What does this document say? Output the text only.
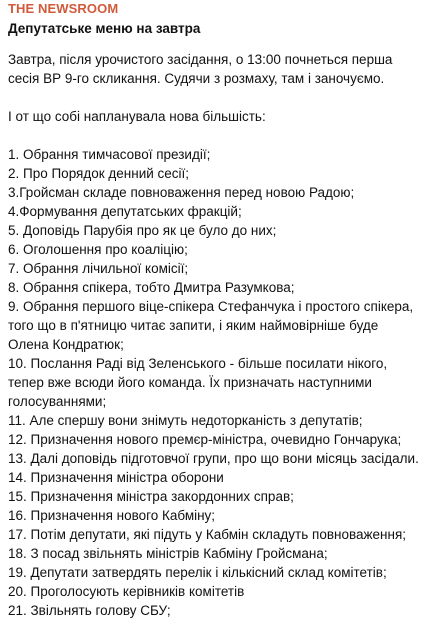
THE NEWSROOM
Депутатське меню на завтра

Завтра, після урочистого засідання, о 13:00 почнеться перша сесія ВР 9-го скликання. Судячи з розмаху, там і заночуємо.

І от що собі напланувала нова більшість:

1. Обрання тимчасової президії;
2. Про Порядок денний сесії;
3.Гройсман складе повноваження перед новою Радою;
4.Формування депутатських фракцій;
5. Доповідь Парубія про як це було до них;
6. Оголошення про коаліцію;
7. Обрання лічильної комісії;
8. Обрання спікера, тобто Дмитра Разумкова;
9. Обрання першого віце-спікера Стефанчука і простого спікера, того що в п'ятницю читає запити, і яким наймовірніше буде Олена Кондратюк;
10. Послання Раді від Зеленського - більше посилати нікого, тепер вже всюди його команда. Їх призначать наступними голосуваннями;
11. Але спершу вони знімуть недоторканість з депутатів;
12. Призначення нового премєр-міністра, очевидно Гончарука;
13. Далі доповідь підготовчої групи, про що вони місяць засідали.
14. Призначення міністра оборони
15. Призначення міністра закордонних справ;
16. Призначення нового Кабміну;
17. Потім депутати, які підуть у Кабмін складуть повноваження;
18. З посад звільнять міністрів Кабміну Гройсмана;
19. Депутати затвердять перелік і кількісний склад комітетів;
20. Проголосують керівників комітетів
21. Звільнять голову СБУ;
